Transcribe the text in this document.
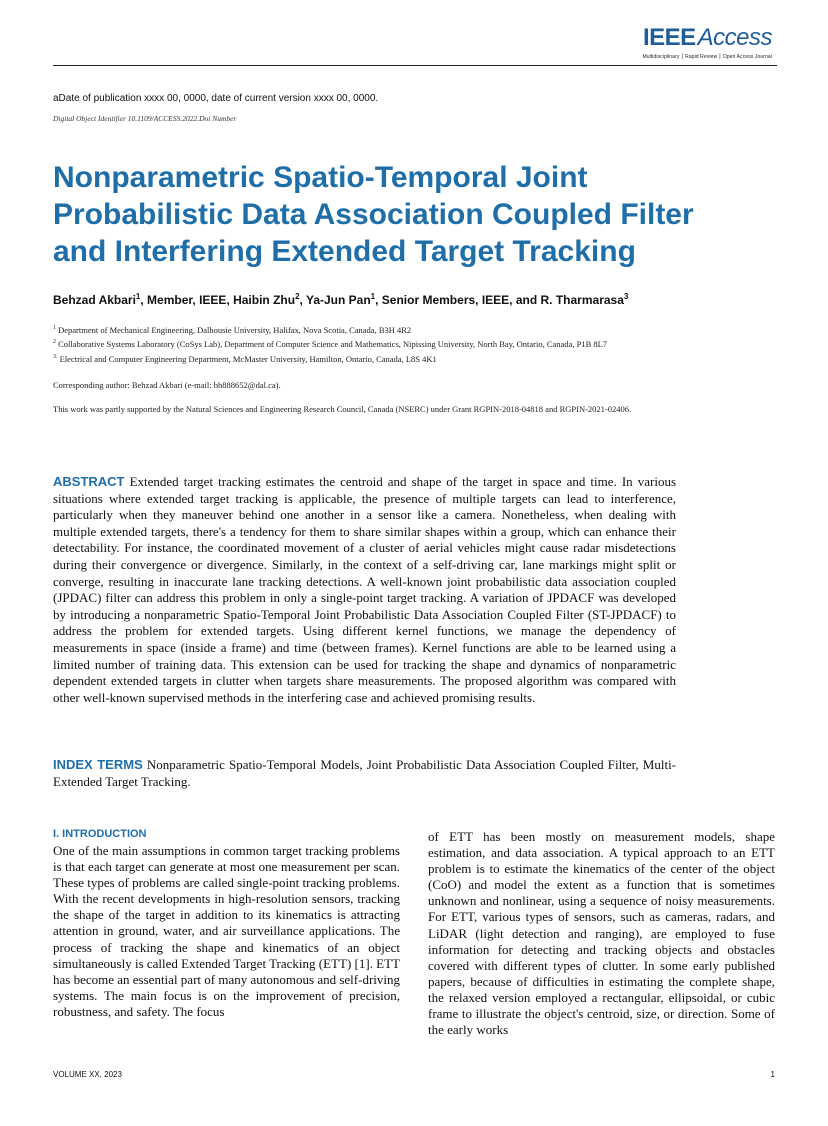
IEEEAccess
Multidisciplinary ⎮ Rapid Review ⎮ Open Access Journal
aDate of publication xxxx 00, 0000, date of current version xxxx 00, 0000.
Digital Object Identifier 10.1109/ACCESS.2022.Doi Number
Nonparametric Spatio-Temporal Joint
Probabilistic Data Association Coupled Filter
and Interfering Extended Target Tracking
Behzad Akbari$^1$, Member, IEEE, Haibin Zhu$^2$, Ya-Jun Pan$^1$, Senior Members, IEEE, and R. Tharmarasa$^3$

$^1$ Department of Mechanical Engineering, Dalhousie University, Halifax, Nova Scotia, Canada, B3H 4R2

$^2$ Collaborative Systems Laboratory (CoSys Lab), Department of Computer Science and Mathematics, Nipissing University, North Bay, Ontario, Canada, P1B 8L7

$^{3.}$ Electrical and Computer Engineering Department, McMaster University, Hamilton, Ontario, Canada, L8S 4K1

Corresponding author: Behzad Akbari (e-mail: bh888652@dal.ca).
This work was partly supported by the Natural Sciences and Engineering Research Council, Canada (NSERC) under Grant RGPIN-2018-04818 and RGPIN-2021-02406.

ABSTRACT Extended target tracking estimates the centroid and shape of the target in space and time. In various situations where extended target tracking is applicable, the presence of multiple targets can lead to interference, particularly when they maneuver behind one another in a sensor like a camera. Nonetheless, when dealing with multiple extended targets, there's a tendency for them to share similar shapes within a group, which can enhance their detectability. For instance, the coordinated movement of a cluster of aerial vehicles might cause radar misdetections during their convergence or divergence. Similarly, in the context of a self-driving car, lane markings might split or converge, resulting in inaccurate lane tracking detections. A well-known joint probabilistic data association coupled (JPDAC) filter can address this problem in only a single-point target tracking. A variation of JPDACF was developed by introducing a nonparametric Spatio-Temporal Joint Probabilistic Data Association Coupled Filter (ST-JPDACF) to address the problem for extended targets. Using different kernel functions, we manage the dependency of measurements in space (inside a frame) and time (between frames). Kernel functions are able to be learned using a limited number of training data. This extension can be used for tracking the shape and dynamics of nonparametric dependent extended targets in clutter when targets share measurements. The proposed algorithm was compared with other well-known supervised methods in the interfering case and achieved promising results.

INDEX TERMS Nonparametric Spatio-Temporal Models, Joint Probabilistic Data Association Coupled Filter, Multi-Extended Target Tracking.

I. INTRODUCTION

One of the main assumptions in common target tracking problems is that each target can generate at most one measurement per scan. These types of problems are called single-point tracking problems. With the recent developments in high-resolution sensors, tracking the shape of the target in addition to its kinematics is attracting attention in ground, water, and air surveillance applications. The process of tracking the shape and kinematics of an object simultaneously is called Extended Target Tracking (ETT) [1]. ETT has become an essential part of many autonomous and self-driving systems. The main focus is on the improvement of precision, robustness, and safety. The focus

of ETT has been mostly on measurement models, shape estimation, and data association. A typical approach to an ETT problem is to estimate the kinematics of the center of the object (CoO) and model the extent as a function that is sometimes unknown and nonlinear, using a sequence of noisy measurements. For ETT, various types of sensors, such as cameras, radars, and LiDAR (light detection and ranging), are employed to fuse information for detecting and tracking objects and obstacles covered with different types of clutter. In some early published papers, because of difficulties in estimating the complete shape, the relaxed version employed a rectangular, ellipsoidal, or cubic frame to illustrate the object's centroid, size, or direction. Some of the early works

VOLUME XX, 2023	1
